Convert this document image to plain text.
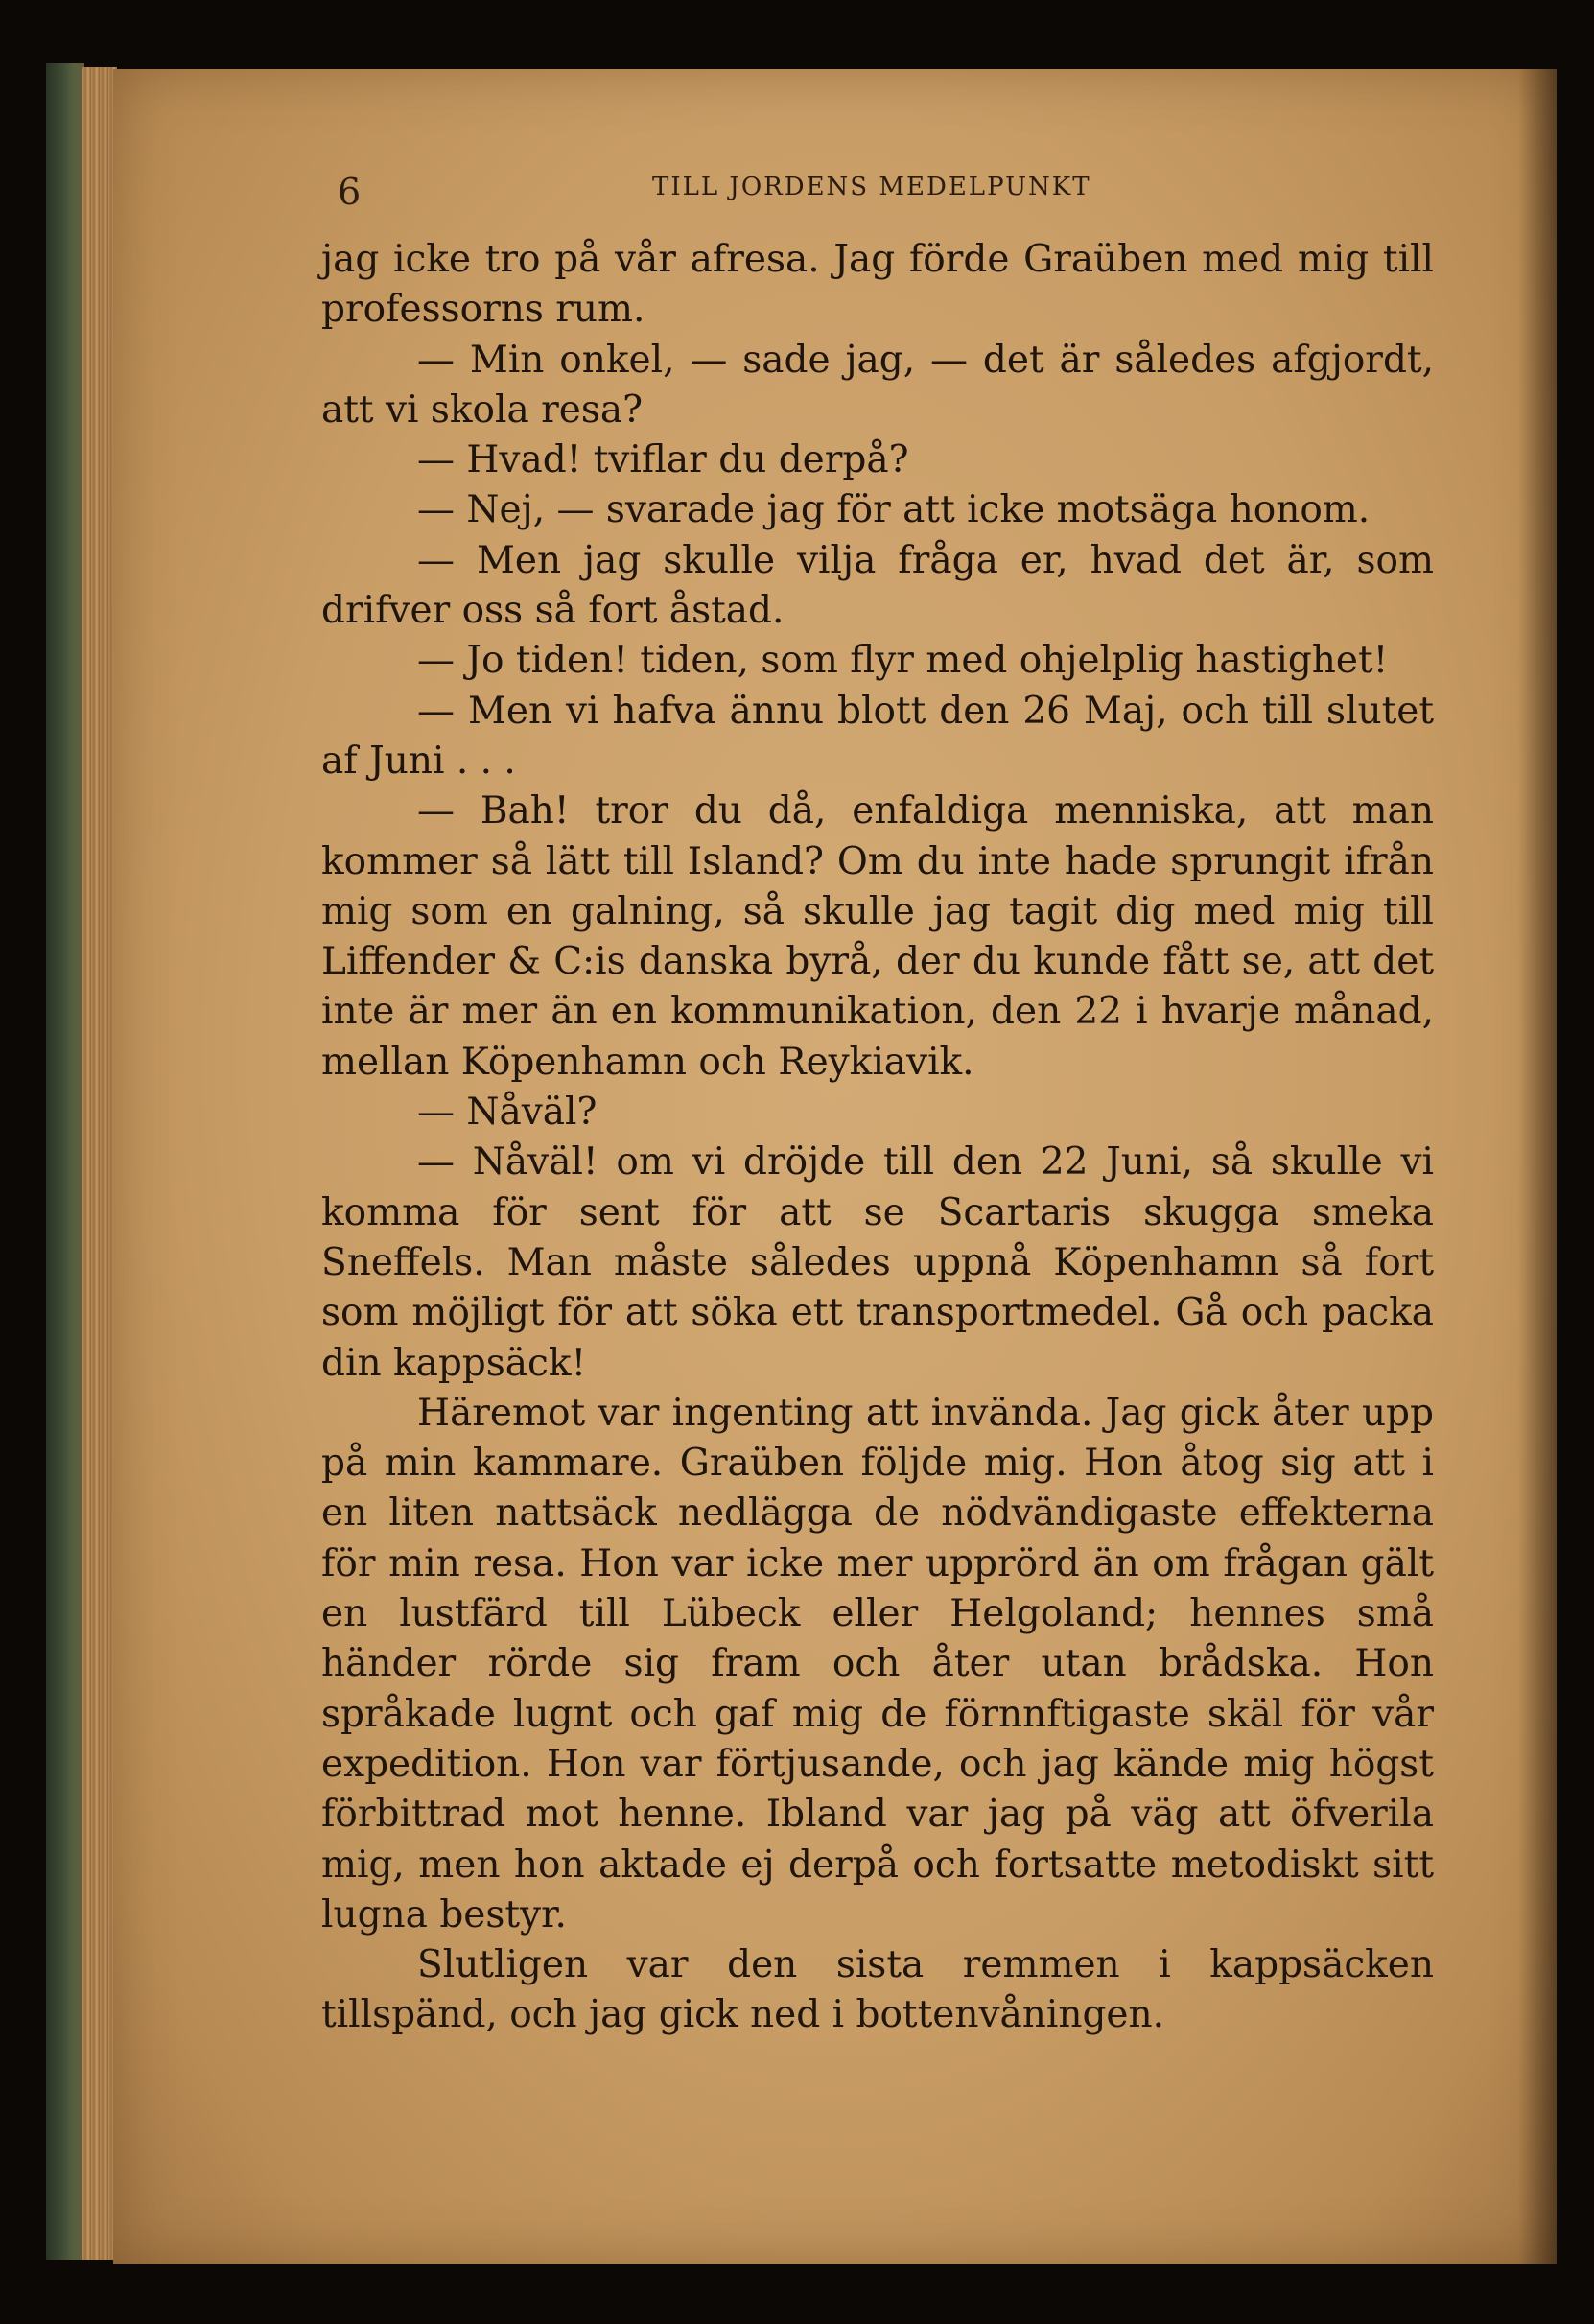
6	TILL JORDENS MEDELPUNKT

jag icke tro på vår afresa. Jag förde Graüben med mig till professorns rum.

— Min onkel, — sade jag, — det är således afgjordt, att vi skola resa?

— Hvad! tviflar du derpå?

— Nej, — svarade jag för att icke motsäga honom.

— Men jag skulle vilja fråga er, hvad det är, som drifver oss så fort åstad.

— Jo tiden! tiden, som flyr med ohjelplig hastighet!

— Men vi hafva ännu blott den 26 Maj, och till slutet af Juni . . .

— Bah! tror du då, enfaldiga menniska, att man kommer så lätt till Island? Om du inte hade sprungit ifrån mig som en galning, så skulle jag tagit dig med mig till Liffender & C:is danska byrå, der du kunde fått se, att det inte är mer än en kommunikation, den 22 i hvarje månad, mellan Köpenhamn och Reykiavik.

— Nåväl?

— Nåväl! om vi dröjde till den 22 Juni, så skulle vi komma för sent för att se Scartaris skugga smeka Sneffels. Man måste således uppnå Köpenhamn så fort som möjligt för att söka ett transportmedel. Gå och packa din kappsäck!

Häremot var ingenting att invända. Jag gick åter upp på min kammare. Graüben följde mig. Hon åtog sig att i en liten nattsäck nedlägga de nödvändigaste effekterna för min resa. Hon var icke mer upprörd än om frågan gält en lustfärd till Lübeck eller Helgoland; hennes små händer rörde sig fram och åter utan brådska. Hon språkade lugnt och gaf mig de förnnftigaste skäl för vår expedition. Hon var förtjusande, och jag kände mig högst förbittrad mot henne. Ibland var jag på väg att öfverila mig, men hon aktade ej derpå och fortsatte metodiskt sitt lugna bestyr.

Slutligen var den sista remmen i kappsäcken tillspänd, och jag gick ned i bottenvåningen.
